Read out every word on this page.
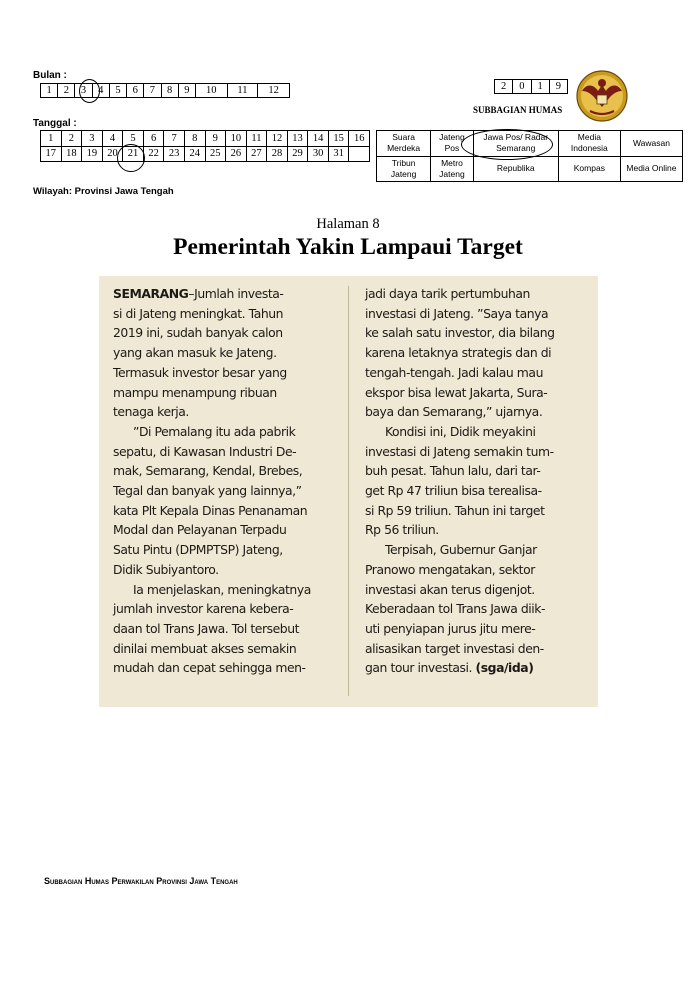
Bulan :
1	2	3	4	5	6	7	8	9	10	11	12	2	0	1	9
SUBBAGIAN HUMAS
Tanggal :
1	2	3	4	5	6	7	8	9	10	11	12	13	14	15	16
17	18	19	20	21	22	23	24	25	26	27	28	29	30	31	
Suara Merdeka	Jateng Pos	Jawa Pos/ Radar Semarang	Media Indonesia	Wawasan
Tribun Jateng	Metro Jateng	Republika	Kompas	Media Online
Wilayah: Provinsi Jawa Tengah
Halaman 8
Pemerintah Yakin Lampaui Target
SEMARANG–Jumlah investa-
si di Jateng meningkat. Tahun
2019 ini, sudah banyak calon
yang akan masuk ke Jateng.
Termasuk investor besar yang
mampu menampung ribuan
tenaga kerja.
”Di Pemalang itu ada pabrik
sepatu, di Kawasan Industri De-
mak, Semarang, Kendal, Brebes,
Tegal dan banyak yang lainnya,”
kata Plt Kepala Dinas Penanaman
Modal dan Pelayanan Terpadu
Satu Pintu (DPMPTSP) Jateng,
Didik Subiyantoro.
Ia menjelaskan, meningkatnya
jumlah investor karena kebera-
daan tol Trans Jawa. Tol tersebut
dinilai membuat akses semakin
mudah dan cepat sehingga men-
jadi daya tarik pertumbuhan
investasi di Jateng. ”Saya tanya
ke salah satu investor, dia bilang
karena letaknya strategis dan di
tengah-tengah. Jadi kalau mau
ekspor bisa lewat Jakarta, Sura-
baya dan Semarang,” ujarnya.
Kondisi ini, Didik meyakini
investasi di Jateng semakin tum-
buh pesat. Tahun lalu, dari tar-
get Rp 47 triliun bisa terealisa-
si Rp 59 triliun. Tahun ini target
Rp 56 triliun.
Terpisah, Gubernur Ganjar
Pranowo mengatakan, sektor
investasi akan terus digenjot.
Keberadaan tol Trans Jawa diik-
uti penyiapan jurus jitu mere-
alisasikan target investasi den-
gan tour investasi. (sga/ida)
Subbagian Humas Perwakilan Provinsi Jawa Tengah
